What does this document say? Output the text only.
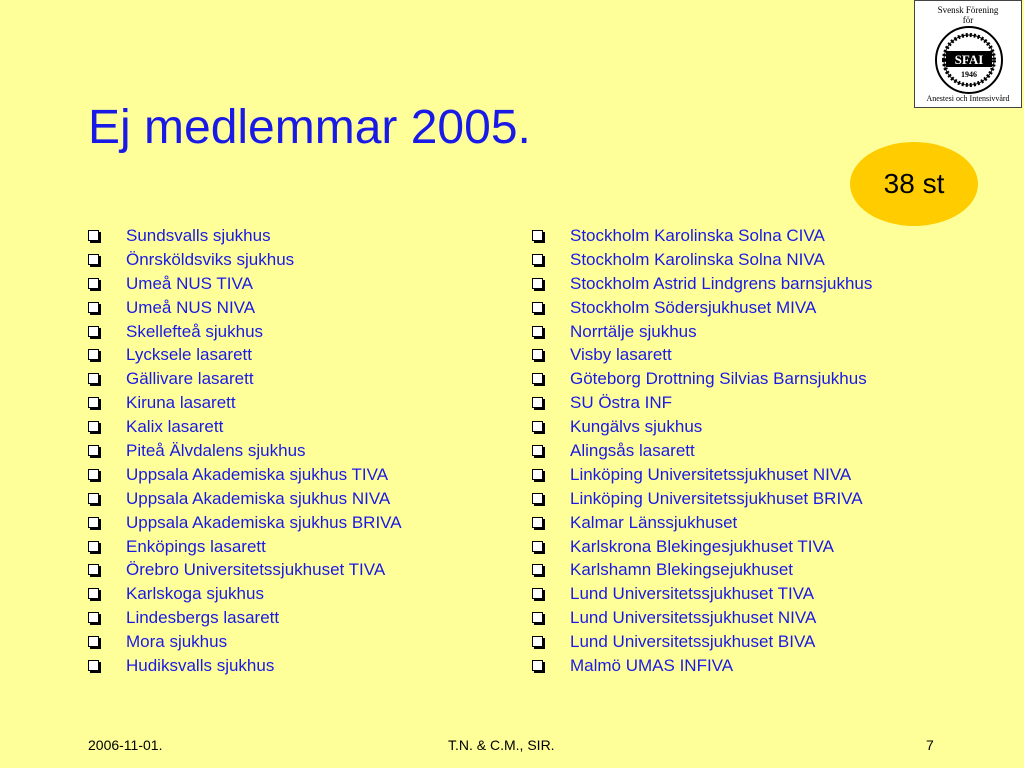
Ej medlemmar 2005.
Svensk Förening
för
SFAI
1946
Anestesi och Intensivvård
38 st
Sundsvalls sjukhus
Önrsköldsviks sjukhus
Umeå NUS TIVA
Umeå NUS NIVA
Skellefteå sjukhus
Lycksele lasarett
Gällivare lasarett
Kiruna lasarett
Kalix lasarett
Piteå Älvdalens sjukhus
Uppsala Akademiska sjukhus TIVA
Uppsala Akademiska sjukhus NIVA
Uppsala Akademiska sjukhus BRIVA
Enköpings lasarett
Örebro Universitetssjukhuset TIVA
Karlskoga sjukhus
Lindesbergs lasarett
Mora sjukhus
Hudiksvalls sjukhus
Stockholm Karolinska Solna CIVA
Stockholm Karolinska Solna NIVA
Stockholm Astrid Lindgrens barnsjukhus
Stockholm Södersjukhuset MIVA
Norrtälje sjukhus
Visby lasarett
Göteborg Drottning Silvias Barnsjukhus
SU Östra INF
Kungälvs sjukhus
Alingsås lasarett
Linköping Universitetssjukhuset NIVA
Linköping Universitetssjukhuset BRIVA
Kalmar Länssjukhuset
Karlskrona Blekingesjukhuset TIVA
Karlshamn Blekingsejukhuset
Lund Universitetssjukhuset TIVA
Lund Universitetssjukhuset NIVA
Lund Universitetssjukhuset BIVA
Malmö UMAS INFIVA
2006-11-01.	T.N. & C.M., SIR.	7
